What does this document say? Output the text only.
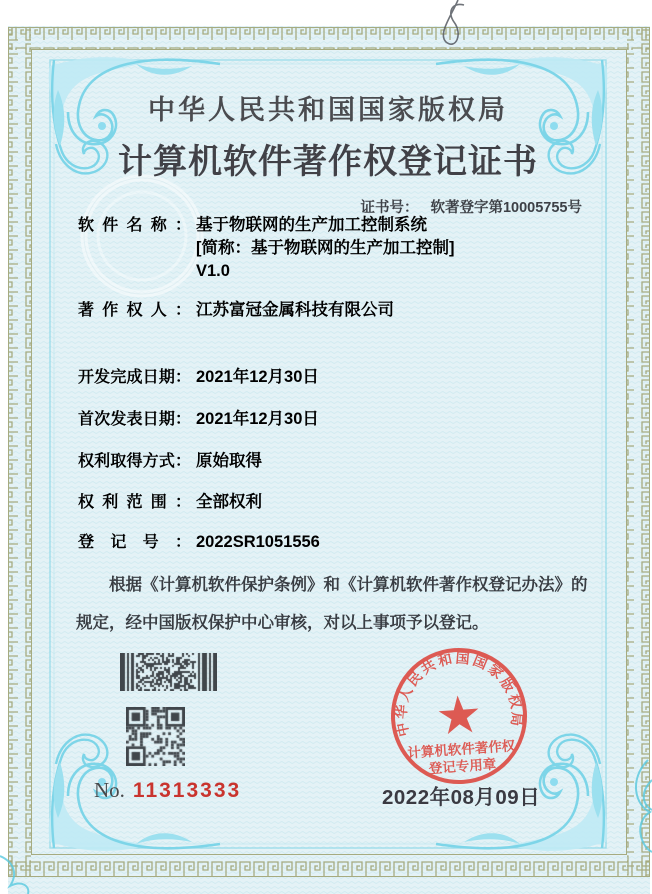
中华人民共和国国家版权局
计算机软件著作权登记证书
证书号： 软著登字第10005755号
软件名称： 基于物联网的生产加工控制系统
[简称：基于物联网的生产加工控制]
V1.0
著作权人： 江苏富冠金属科技有限公司
开发完成日期： 2021年12月30日
首次发表日期： 2021年12月30日
权利取得方式： 原始取得
权利范围： 全部权利
登记号： 2022SR1051556
根据《计算机软件保护条例》和《计算机软件著作权登记办法》的
规定，经中国版权保护中心审核，对以上事项予以登记。
No. 11313333
中华人民共和国国家版权局
★
计算机软件著作权
登记专用章
2022年08月09日
